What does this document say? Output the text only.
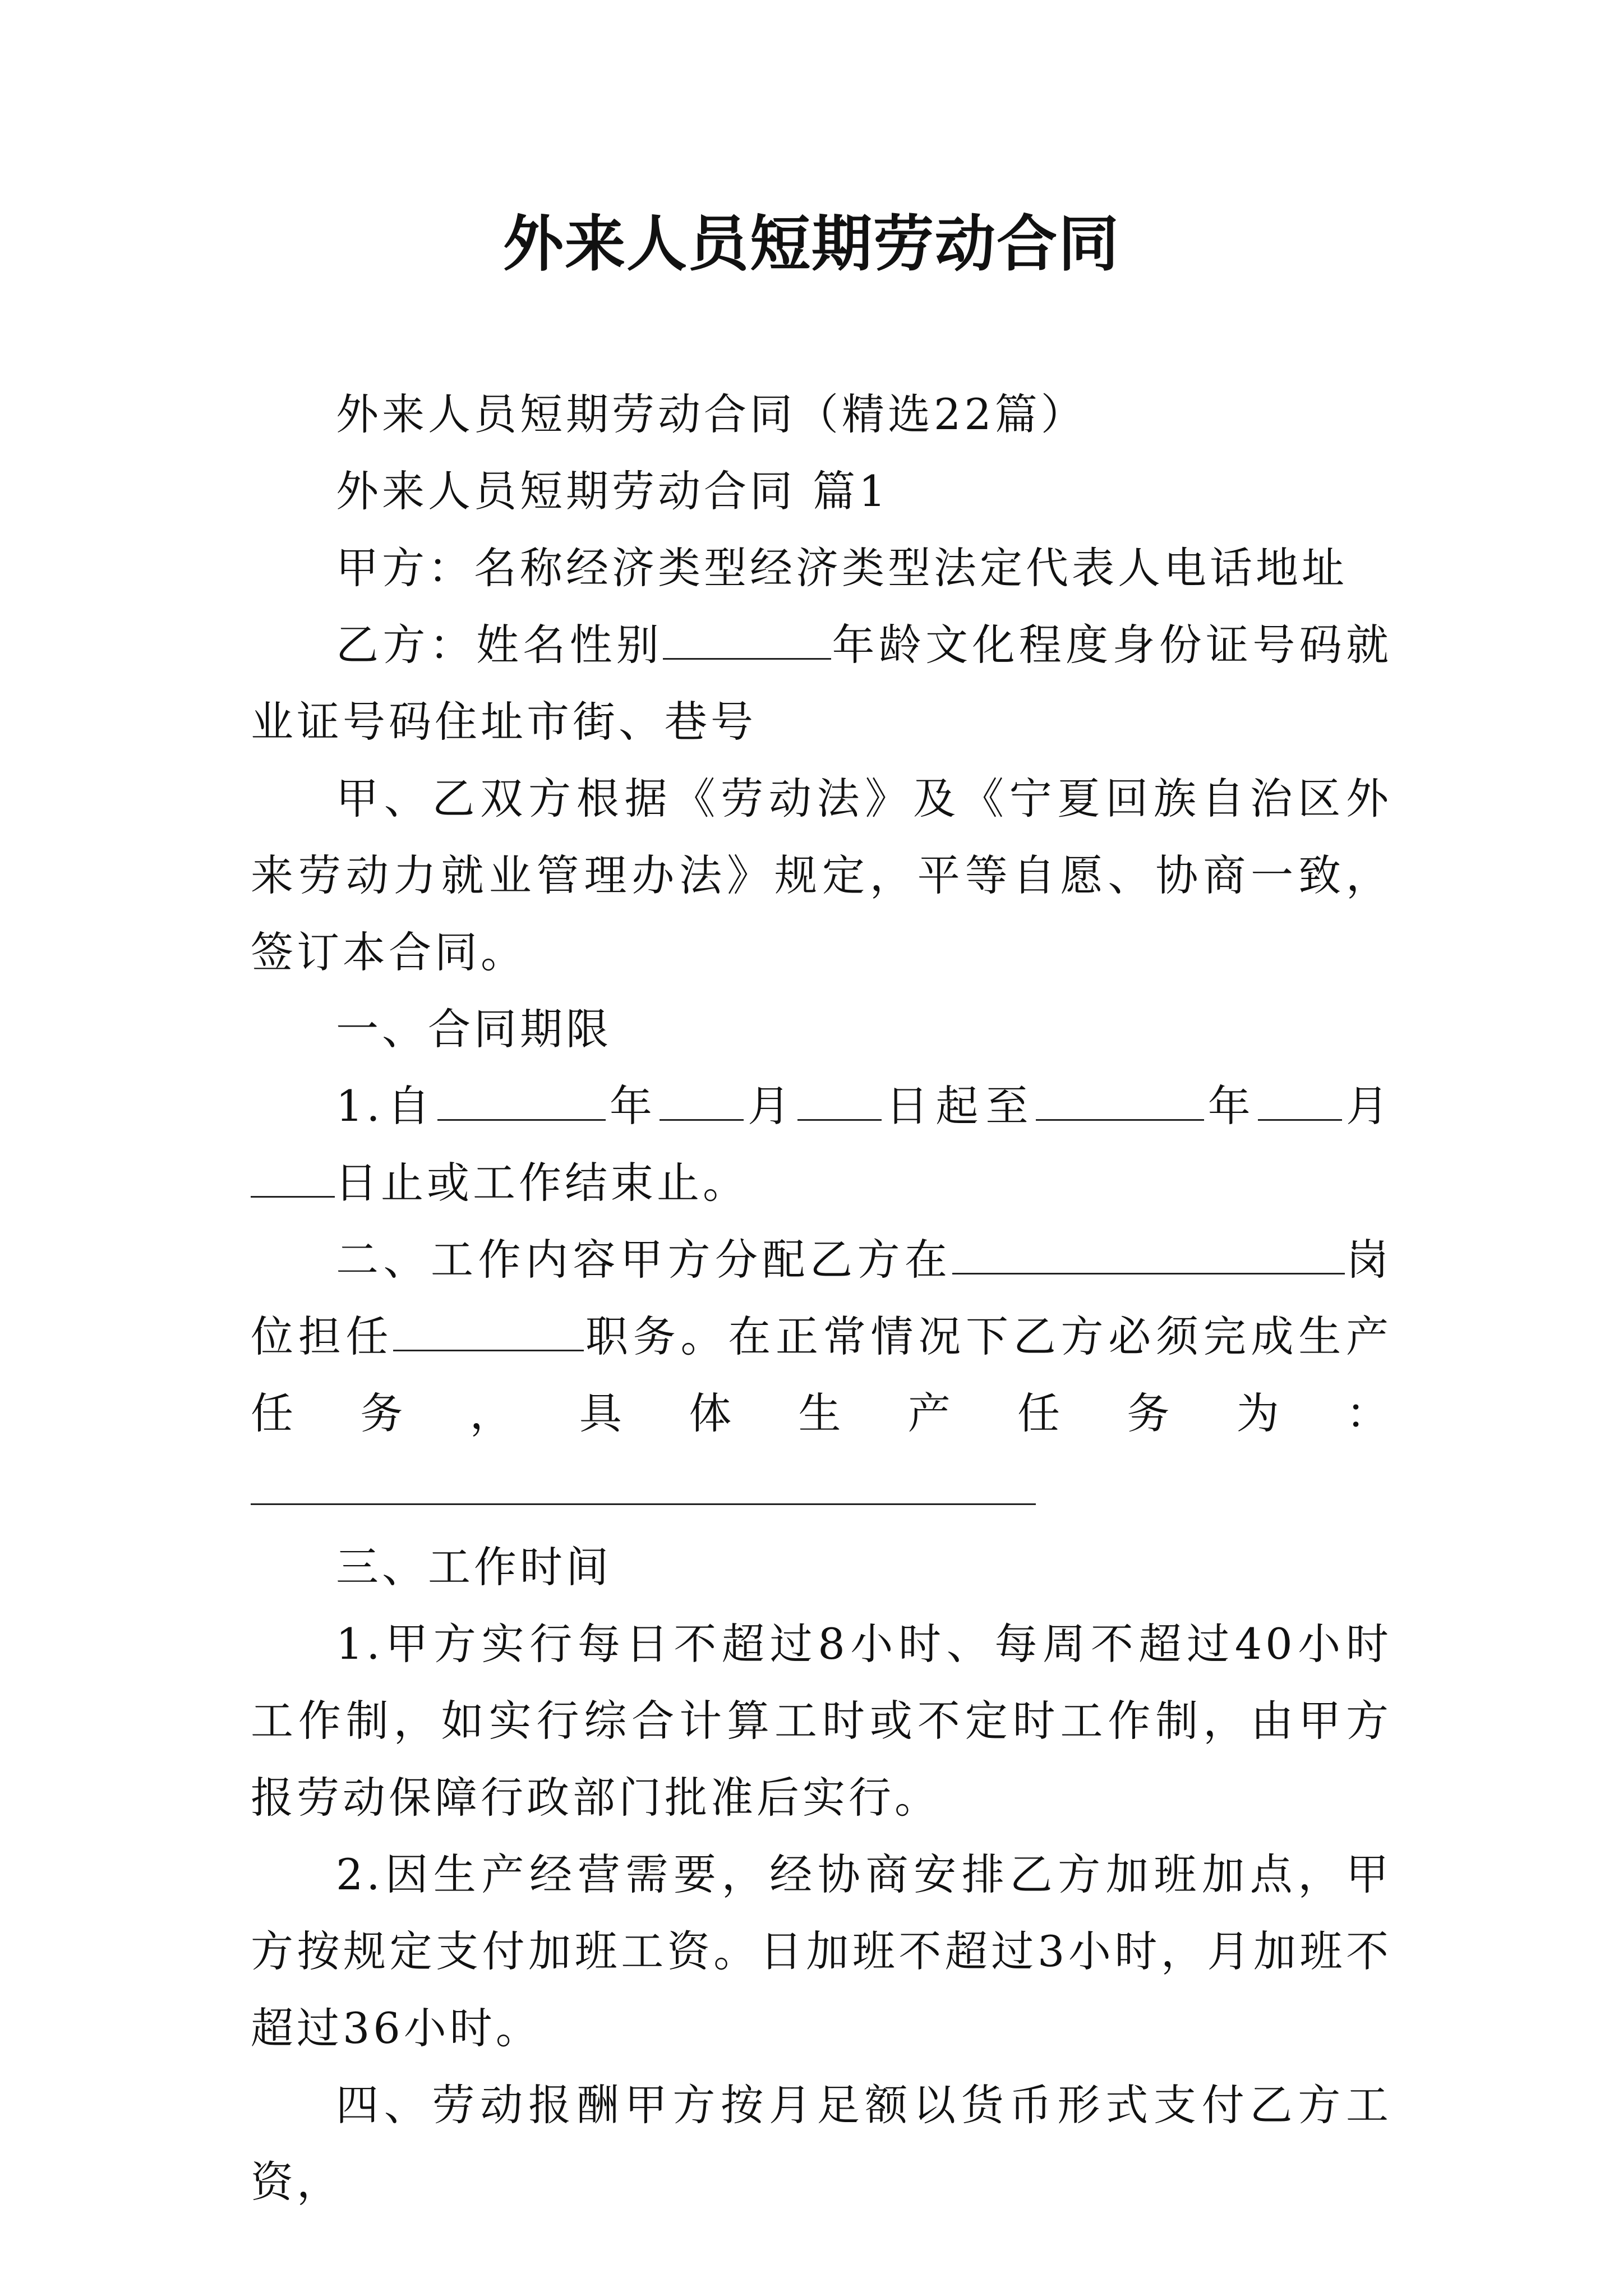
外来人员短期劳动合同

外来人员短期劳动合同（精选22篇）

外来人员短期劳动合同 篇1

甲方：名称经济类型经济类型法定代表人电话地址

乙方：姓名性别	年龄文化程度身份证号码就业证号码住址市街、巷号

甲、乙双方根据《劳动法》及《宁夏回族自治区外来劳动力就业管理办法》规定，平等自愿、协商一致，签订本合同。

一、合同期限

1.自	年 月 日起至	年 月日止或工作结束止。

二、工作内容甲方分配乙方在	岗位担任	职务。在正常情况下乙方必须完成生产任务，具体生产任务为：

三、工作时间

1.甲方实行每日不超过8小时、每周不超过40小时工作制，如实行综合计算工时或不定时工作制，由甲方报劳动保障行政部门批准后实行。

2.因生产经营需要，经协商安排乙方加班加点，甲方按规定支付加班工资。日加班不超过3小时，月加班不超过36小时。

四、劳动报酬甲方按月足额以货币形式支付乙方工资，
